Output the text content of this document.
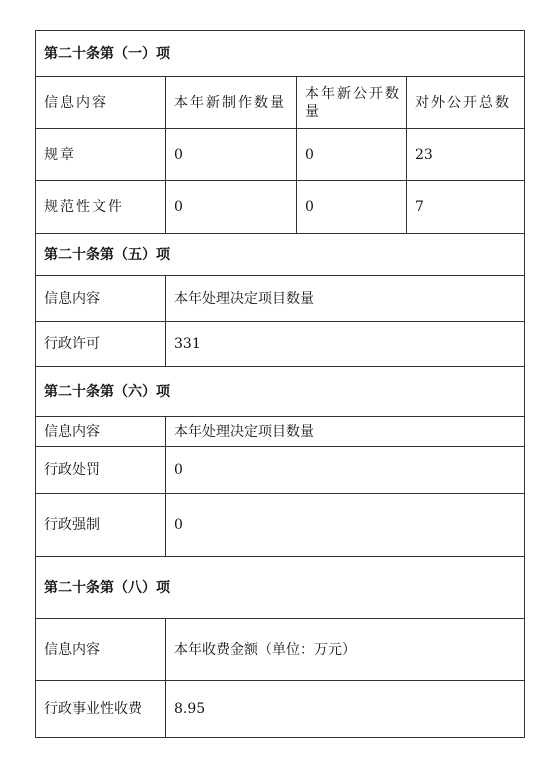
第二十条第（一）项			
信息内容	本年新制作数量	本年新公开数量	对外公开总数
规章	0	0	23
规范性文件	0	0	7
第二十条第（五）项			
信息内容	本年处理决定项目数量		
行政许可	331		
第二十条第（六）项			
信息内容	本年处理决定项目数量		
行政处罚	0		
行政强制	0		
第二十条第（八）项			
信息内容	本年收费金额（单位：万元）		
行政事业性收费	8.95		
